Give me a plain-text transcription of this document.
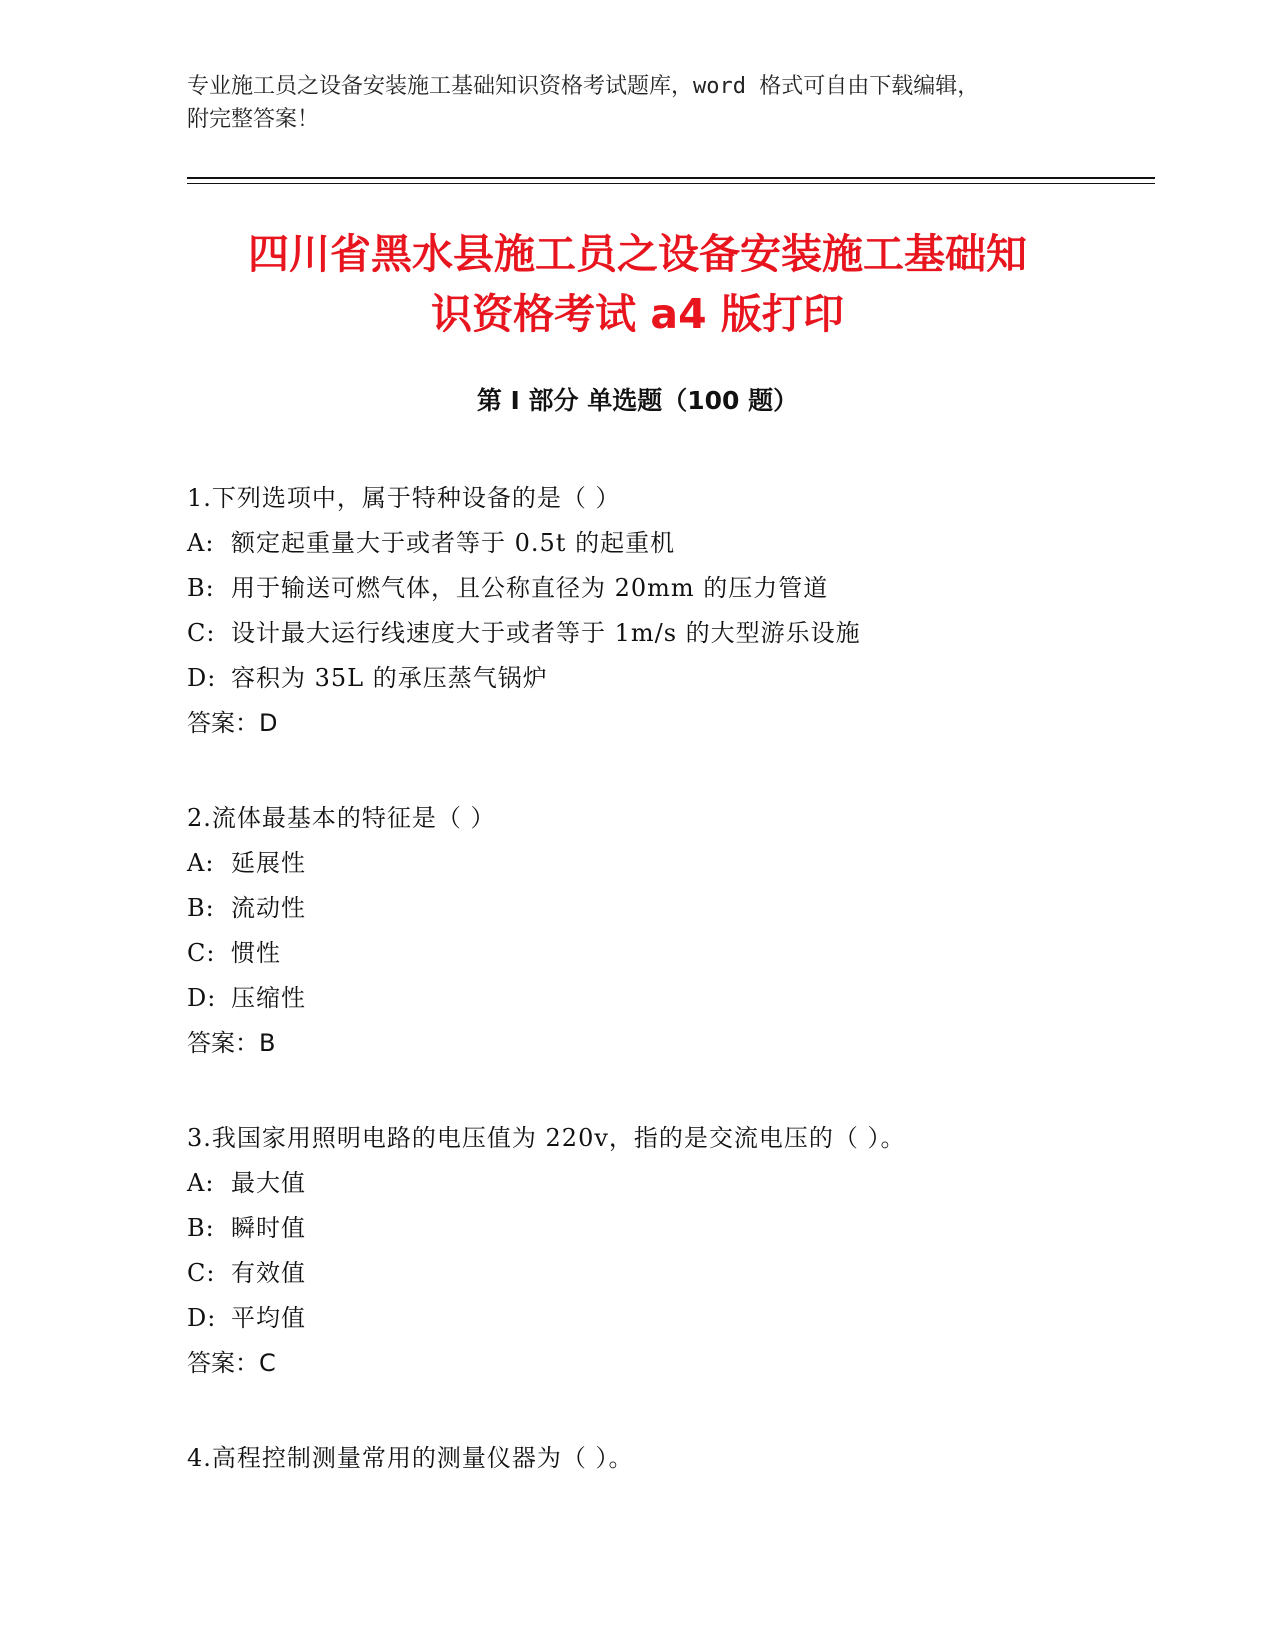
专业施工员之设备安装施工基础知识资格考试题库，word 格式可自由下载编辑，
附完整答案！
四川省黑水县施工员之设备安装施工基础知
识资格考试 a4 版打印
第 I 部分 单选题（100 题）
1.下列选项中，属于特种设备的是（ ）
A: 额定起重量大于或者等于 0.5t 的起重机
B: 用于输送可燃气体，且公称直径为 20mm 的压力管道
C: 设计最大运行线速度大于或者等于 1m/s 的大型游乐设施
D: 容积为 35L 的承压蒸气锅炉
答案：D
2.流体最基本的特征是（ ）
A: 延展性
B: 流动性
C: 惯性
D: 压缩性
答案：B
3.我国家用照明电路的电压值为 220v，指的是交流电压的（ ）。
A: 最大值
B: 瞬时值
C: 有效值
D: 平均值
答案：C
4.高程控制测量常用的测量仪器为（ ）。
